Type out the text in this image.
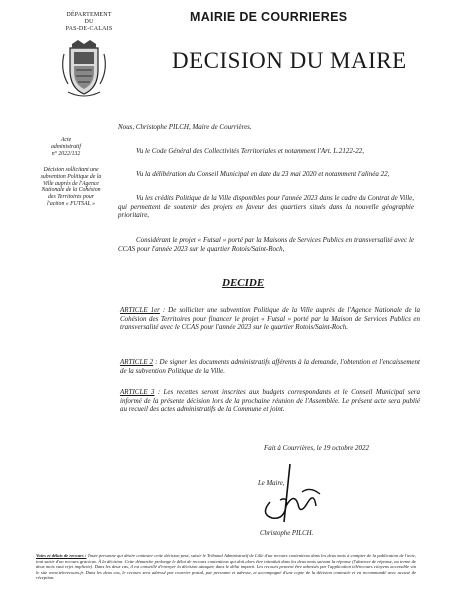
DÉPARTEMENT
DU
PAS-DE-CALAIS
MAIRIE DE COURRIERES
DECISION DU MAIRE
Acte
administratif
n° 2022/132
Décision sollicitant une subvention Politique de la Ville auprès de l'Agence Nationale de la Cohésion des Territoires pour l'action « FUTSAL »
Nous, Christophe PILCH, Maire de Courrières.
Vu le Code Général des Collectivités Territoriales et notamment l'Art. L.2122-22,
Vu la délibération du Conseil Municipal en date du 23 mai 2020 et notamment l'alinéa 22,
Vu les crédits Politique de la Ville disponibles pour l'année 2023 dans le cadre du Contrat de Ville, qui permettent de soutenir des projets en faveur des quartiers situés dans la nouvelle géographie prioritaire,
Considérant le projet « Futsal » porté par la Maisons de Services Publics en transversalité avec le CCAS pour l'année 2023 sur le quartier Rotois/Saint-Roch,
DECIDE
ARTICLE 1er : De solliciter une subvention Politique de la Ville auprès de l'Agence Nationale de la Cohésion des Territoires pour financer le projet « Futsal » porté par la Maison de Services Publics en transversalité avec le CCAS pour l'année 2023 sur le quartier Rotois/Saint-Roch.
ARTICLE 2 : De signer les documents administratifs afférents à la demande, l'obtention et l'encaissement de la subvention Politique de la Ville.
ARTICLE 3 : Les recettes seront inscrites aux budgets correspondants et le Conseil Municipal sera informé de la présente décision lors de la prochaine réunion de l'Assemblée. Le présent acte sera publié au recueil des actes administratifs de la Commune et joint.
Fait à Courrières, le 19 octobre 2022
Le Maire,
Christophe PILCH.
Voies et délais de recours : Toute personne qui désire contester cette décision peut, saisir le Tribunal Administratif de Lille d'un recours contentieux dans les deux mois à compter de la publication de l'acte, tout saisir d'un recours gracieux. À la décision. Cette démarche prolonge le délai de recours contentieux qui doit alors être introduit dans les deux mois suivant la réponse (l'absence de réponse, au terme de deux mois vaut rejet implicite). Dans les deux cas, il est conseillé d'envoyer la décision attaquée dans le délai imparti. Les recours peuvent être adressés par l'application télérecours citoyens accessible via le site www.telerecours.fr. Dans les deux cas, le recours sera adressé par courrier postal, par personne et adresse, et accompagné d'une copie de la décision contestée et en recommandé avec accusé de réception.
